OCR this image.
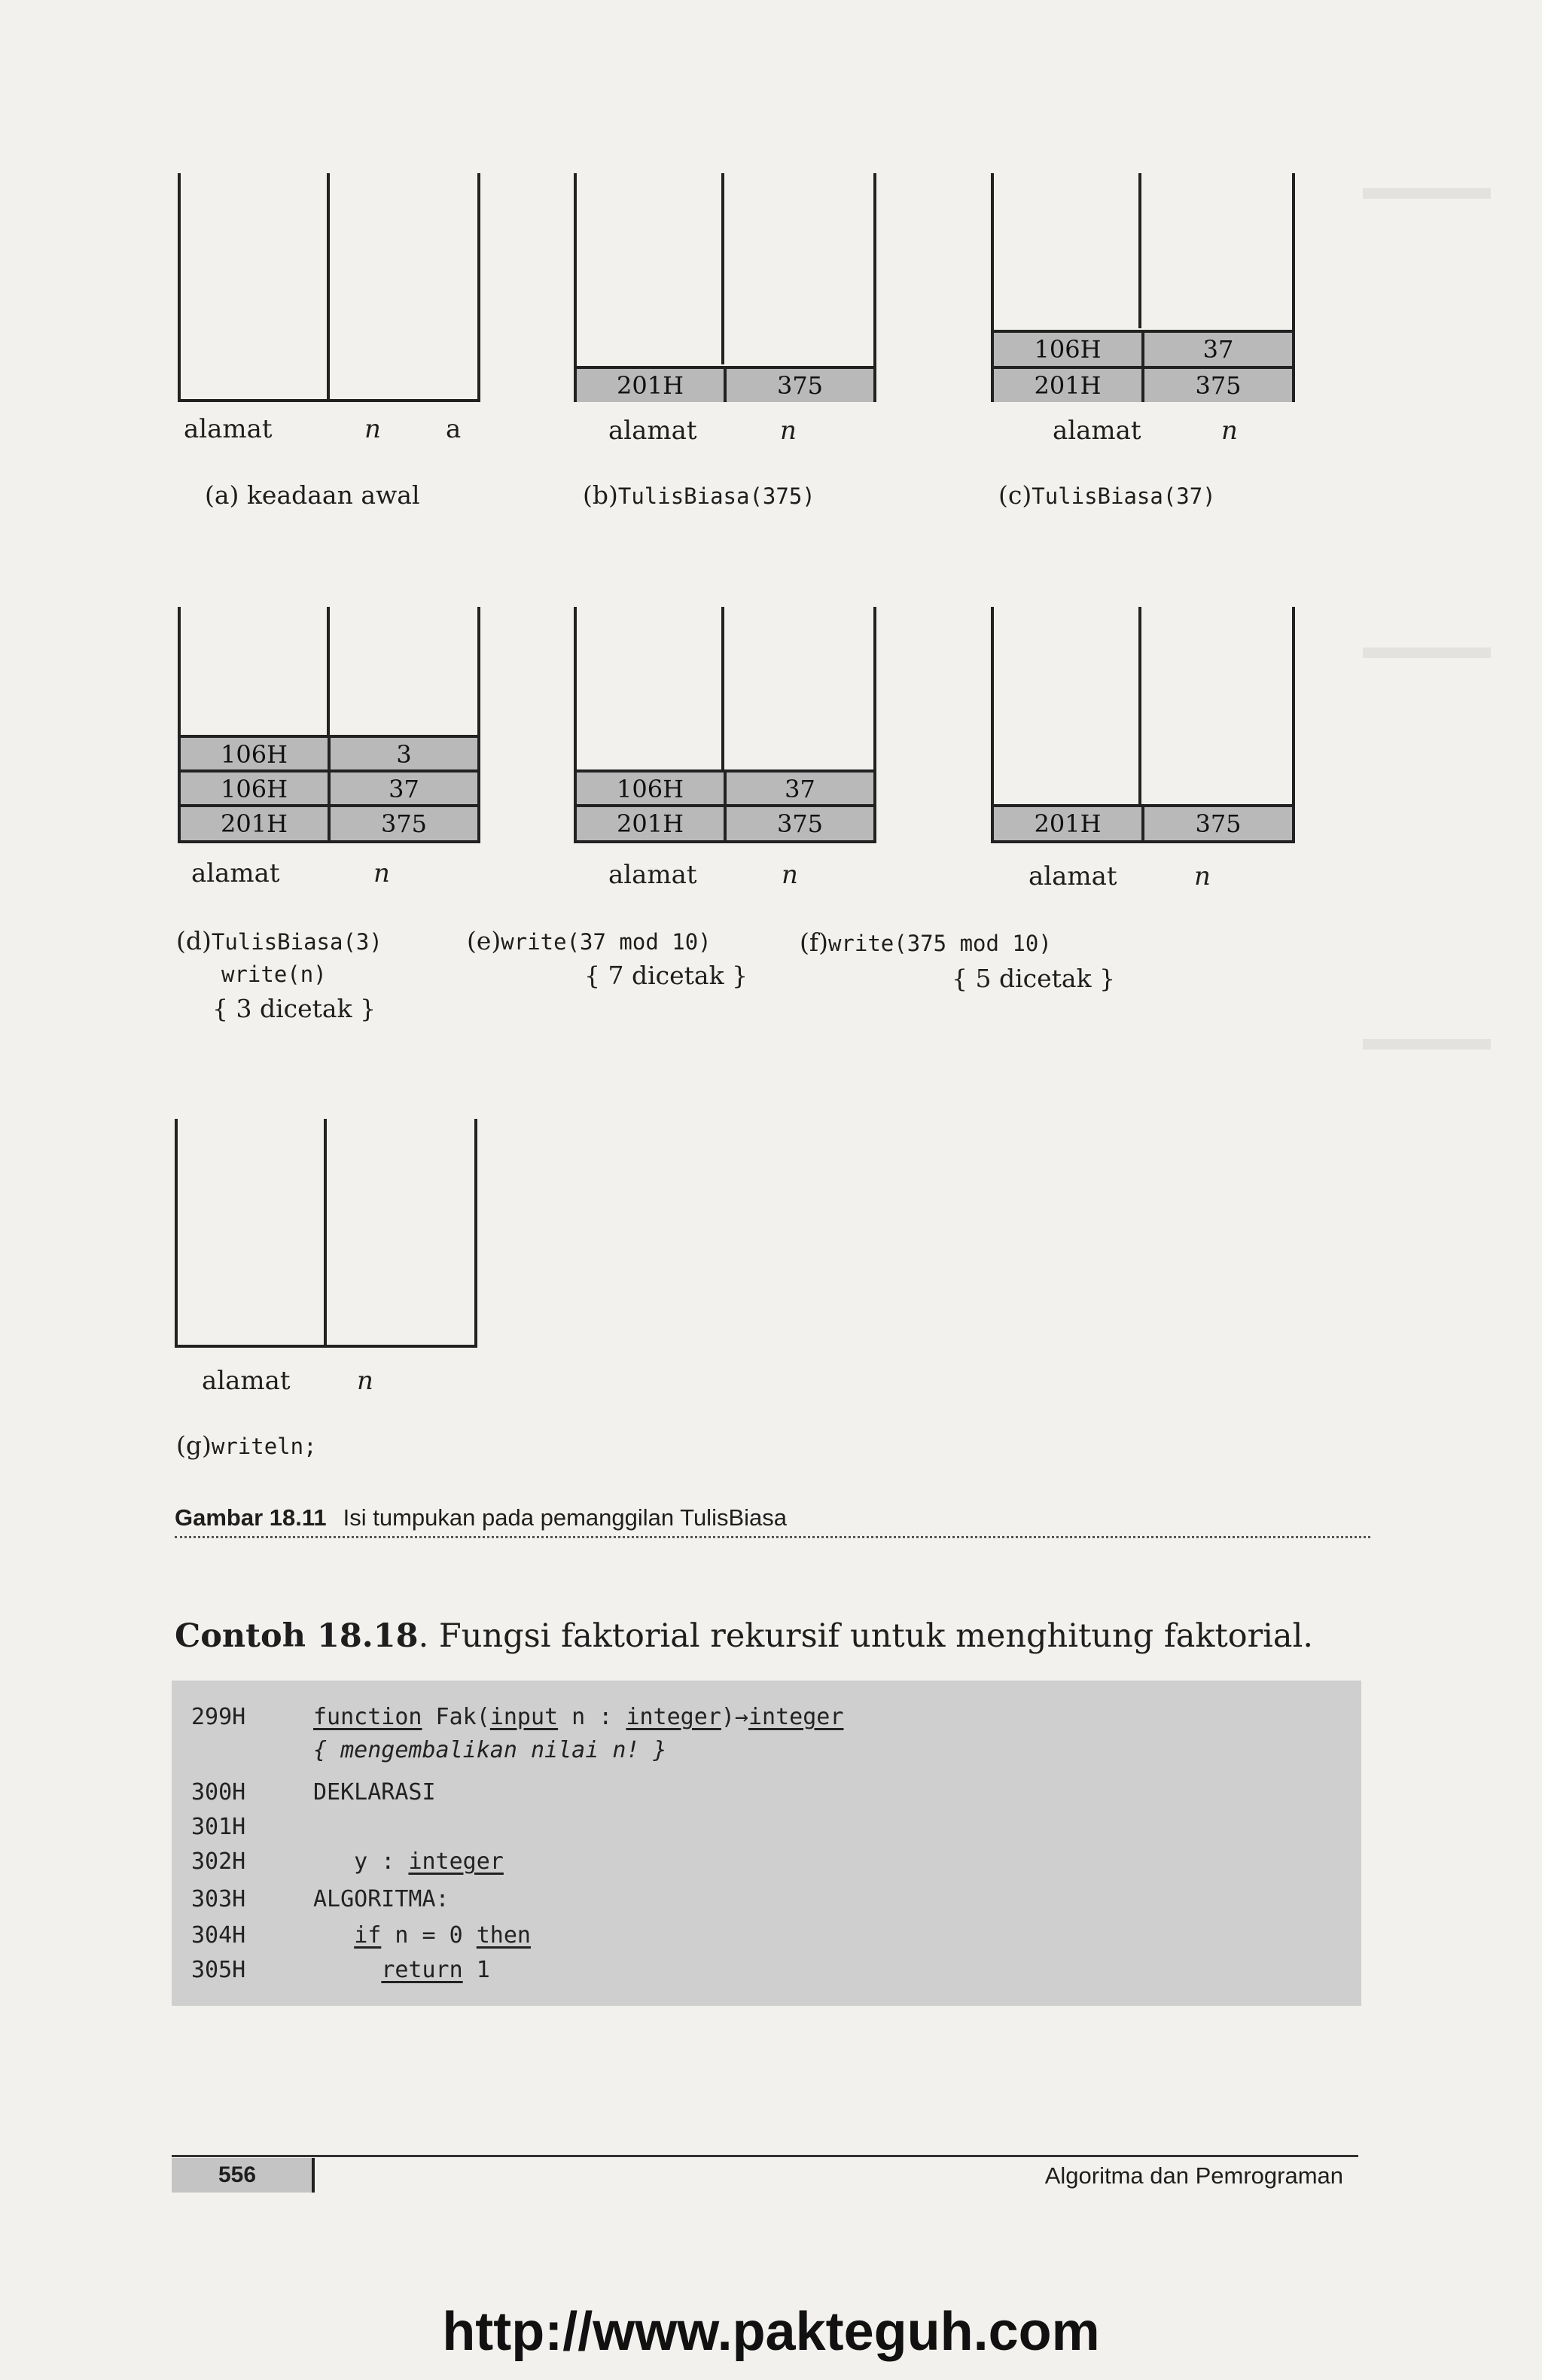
alamat	n	a
(a) keadaan awal
201H	375
alamat	n
(b)TulisBiasa(375)
106H	37
201H	375
alamat	n
(c)TulisBiasa(37)
106H	3
106H	37
201H	375
alamat	n
(d)TulisBiasa(3)
write(n)
{ 3 dicetak }
106H	37
201H	375
alamat	n
(e)write(37 mod 10)
{ 7 dicetak }
201H	375
alamat	n
(f)write(375 mod 10)
{ 5 dicetak }
alamat	n
(g)writeln;
Gambar 18.11 Isi tumpukan pada pemanggilan TulisBiasa
Contoh 18.18. Fungsi faktorial rekursif untuk menghitung faktorial.
299H	function Fak(input n : integer)→integer
{ mengembalikan nilai n! }
300H	DEKLARASI
301H
302H	y : integer
303H	ALGORITMA:
304H	if n = 0 then
305H	return 1
556	Algoritma dan Pemrograman
http://www.pakteguh.com
